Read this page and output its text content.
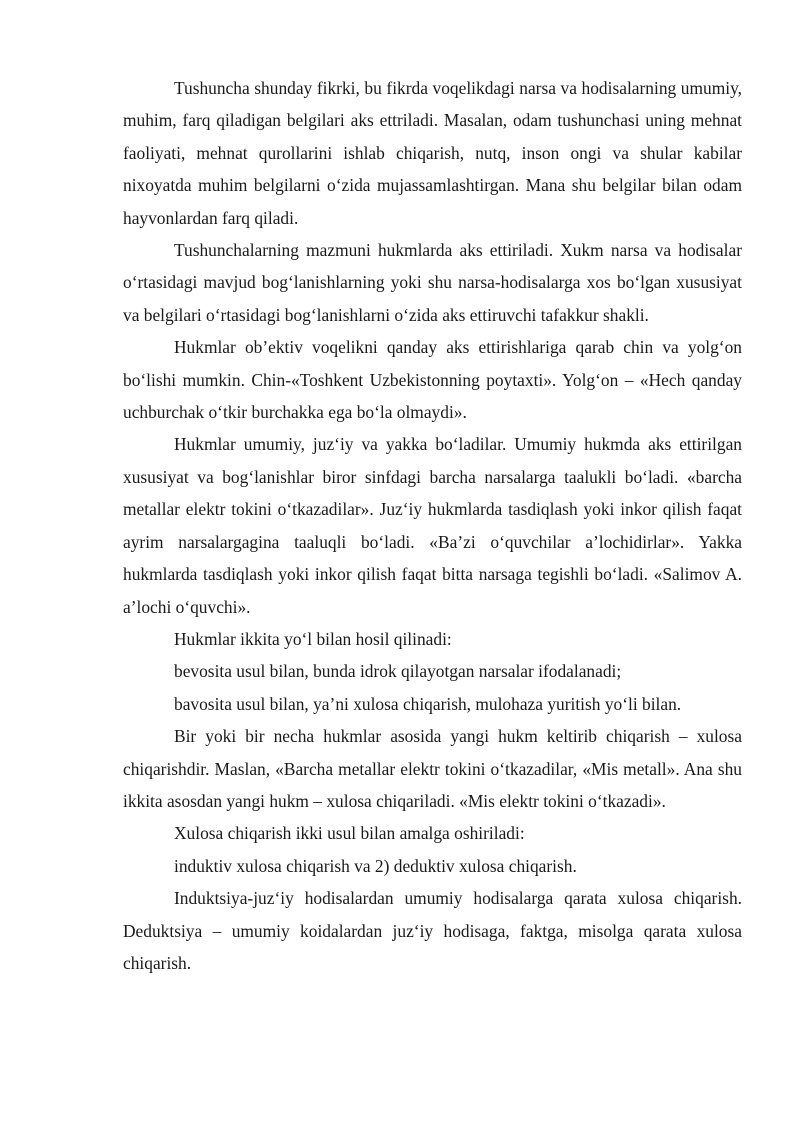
Tushuncha shunday fikrki, bu fikrda voqelikdagi narsa va hodisalarning umumiy, muhim, farq qiladigan belgilari aks ettriladi. Masalan, odam tushunchasi uning mehnat faoliyati, mehnat qurollarini ishlab chiqarish, nutq, inson ongi va shular kabilar nixoyatda muhim belgilarni o‘zida mujassamlashtirgan. Mana shu belgilar bilan odam hayvonlardan farq qiladi.

Tushunchalarning mazmuni hukmlarda aks ettiriladi. Xukm narsa va hodisalar o‘rtasidagi mavjud bog‘lanishlarning yoki shu narsa-hodisalarga xos bo‘lgan xususiyat va belgilari o‘rtasidagi bog‘lanishlarni o‘zida aks ettiruvchi tafakkur shakli.

Hukmlar ob’ektiv voqelikni qanday aks ettirishlariga qarab chin va yolg‘on bo‘lishi mumkin. Chin-«Toshkent Uzbekistonning poytaxti». Yolg‘on – «Hech qanday uchburchak o‘tkir burchakka ega bo‘la olmaydi».

Hukmlar umumiy, juz‘iy va yakka bo‘ladilar. Umumiy hukmda aks ettirilgan xususiyat va bog‘lanishlar biror sinfdagi barcha narsalarga taalukli bo‘ladi. «barcha metallar elektr tokini o‘tkazadilar». Juz‘iy hukmlarda tasdiqlash yoki inkor qilish faqat ayrim narsalargagina taaluqli bo‘ladi. «Ba’zi o‘quvchilar a’lochidirlar». Yakka hukmlarda tasdiqlash yoki inkor qilish faqat bitta narsaga tegishli bo‘ladi. «Salimov A. a’lochi o‘quvchi».

Hukmlar ikkita yo‘l bilan hosil qilinadi:

bevosita usul bilan, bunda idrok qilayotgan narsalar ifodalanadi;

bavosita usul bilan, ya’ni xulosa chiqarish, mulohaza yuritish yo‘li bilan.

Bir yoki bir necha hukmlar asosida yangi hukm keltirib chiqarish – xulosa chiqarishdir. Maslan, «Barcha metallar elektr tokini o‘tkazadilar, «Mis metall». Ana shu ikkita asosdan yangi hukm – xulosa chiqariladi. «Mis elektr tokini o‘tkazadi».

Xulosa chiqarish ikki usul bilan amalga oshiriladi:

induktiv xulosa chiqarish va 2) deduktiv xulosa chiqarish.

Induktsiya-juz‘iy hodisalardan umumiy hodisalarga qarata xulosa chiqarish. Deduktsiya – umumiy koidalardan juz‘iy hodisaga, faktga, misolga qarata xulosa chiqarish.
